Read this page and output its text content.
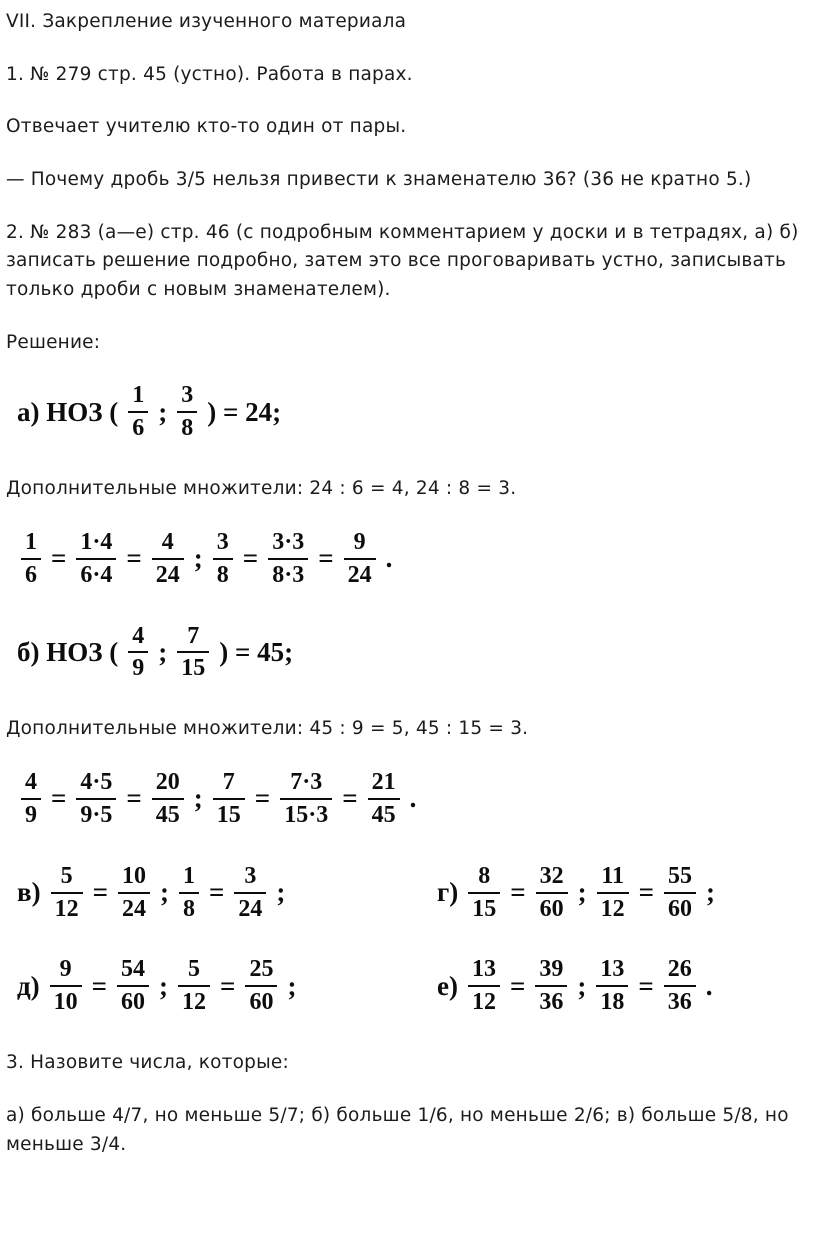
VII. Закрепление изученного материала

1. № 279 стр. 45 (устно). Работа в парах.

Отвечает учителю кто-то один от пары.

— Почему дробь 3/5 нельзя привести к знаменателю 36? (36 не кратно 5.)

2. № 283 (а—е) стр. 46 (с подробным комментарием у доски и в тетрадях, а) б) записать решение подробно, затем это все проговаривать устно, записывать только дроби с новым знаменателем).

Решение:

а) НОЗ ( $\frac{1}{6}$ ; $\frac{3}{8}$ ) = 24;

Дополнительные множители: 24 : 6 = 4, 24 : 8 = 3.

$\frac{1}{6} = \frac{1\cdot 4}{6\cdot 4} = \frac{4}{24}$ ; $\frac{3}{8} = \frac{3\cdot 3}{8\cdot 3} = \frac{9}{24}$ .
б) НОЗ ( $\frac{4}{9}$ ; $\frac{7}{15}$ ) = 45;

Дополнительные множители: 45 : 9 = 5, 45 : 15 = 3.

$\frac{4}{9} = \frac{4\cdot 5}{9\cdot 5} = \frac{20}{45}$ ; $\frac{7}{15} = \frac{7\cdot 3}{15\cdot 3} = \frac{21}{45}$ .
$в) \frac{5}{12} = \frac{10}{24}$ ; $\frac{1}{8} = \frac{3}{24}$ ;	$г) \frac{8}{15} = \frac{32}{60}$ ; $\frac{11}{12} = \frac{55}{60}$ ;
$д) \frac{9}{10} = \frac{54}{60}$ ; $\frac{5}{12} = \frac{25}{60}$ ;	$е) \frac{13}{12} = \frac{39}{36}$ ; $\frac{13}{18} = \frac{26}{36}$ .

3. Назовите числа, которые:

а) больше 4/7, но меньше 5/7; б) больше 1/6, но меньше 2/6; в) больше 5/8, но меньше 3/4.
